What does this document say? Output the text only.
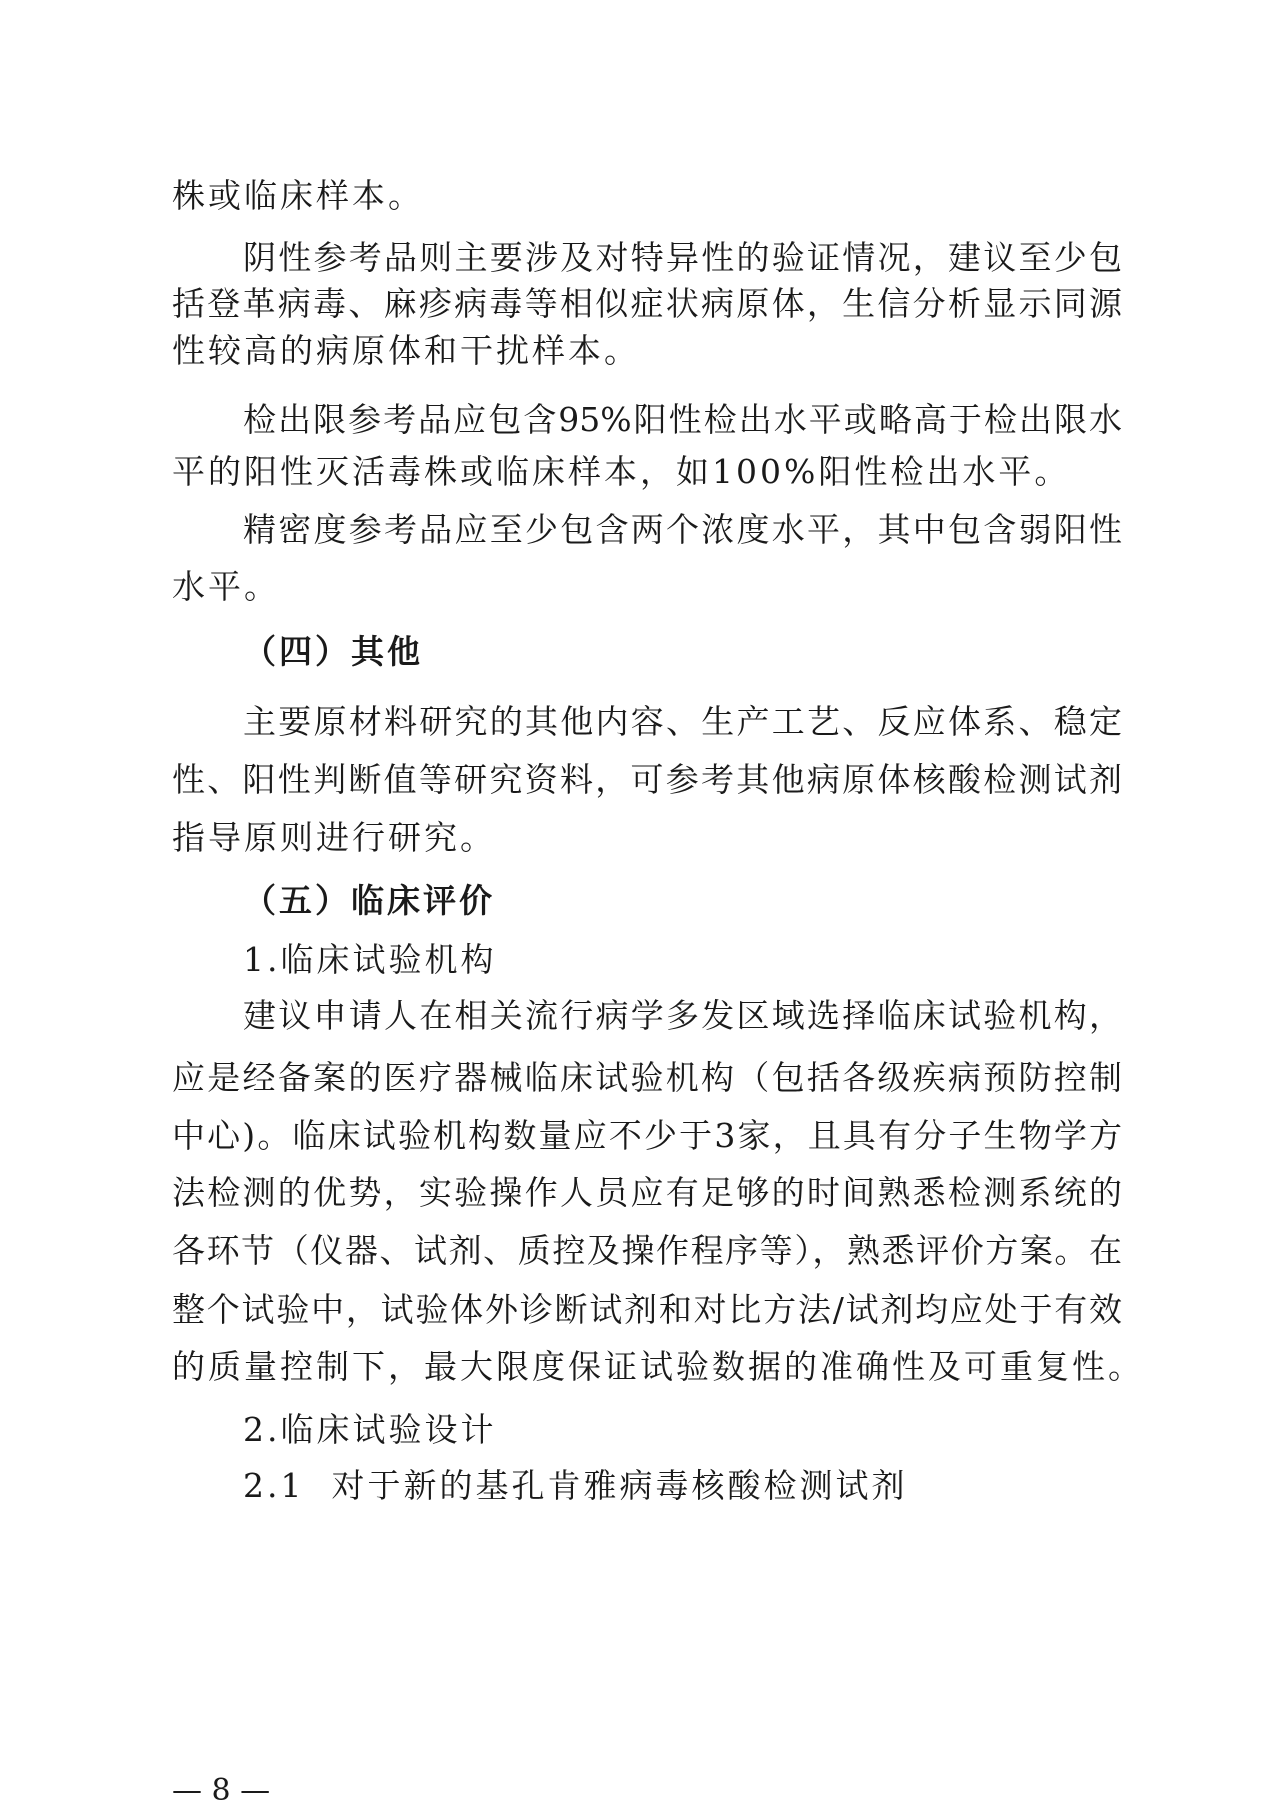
株或临床样本。
阴性参考品则主要涉及对特异性的验证情况，建议至少包
括登革病毒、麻疹病毒等相似症状病原体，生信分析显示同源
性较高的病原体和干扰样本。
检出限参考品应包含95%阳性检出水平或略高于检出限水
平的阳性灭活毒株或临床样本，如100%阳性检出水平。
精密度参考品应至少包含两个浓度水平，其中包含弱阳性
水平。
（四）其他
主要原材料研究的其他内容、生产工艺、反应体系、稳定
性、阳性判断值等研究资料，可参考其他病原体核酸检测试剂
指导原则进行研究。
（五）临床评价
1.临床试验机构
建议申请人在相关流行病学多发区域选择临床试验机构，
应是经备案的医疗器械临床试验机构（包括各级疾病预防控制
中心)。临床试验机构数量应不少于3家，且具有分子生物学方
法检测的优势，实验操作人员应有足够的时间熟悉检测系统的
各环节（仪器、试剂、质控及操作程序等），熟悉评价方案。在
整个试验中，试验体外诊断试剂和对比方法/试剂均应处于有效
的质量控制下，最大限度保证试验数据的准确性及可重复性。
2.临床试验设计
2.1  对于新的基孔肯雅病毒核酸检测试剂
— 8 —
